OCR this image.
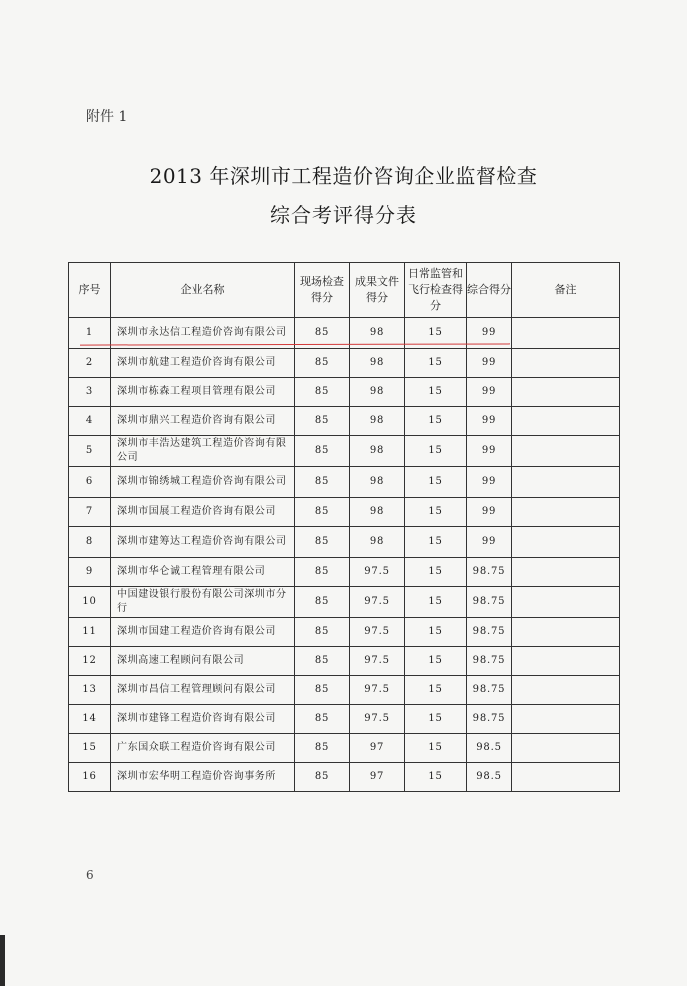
附件 1
2013 年深圳市工程造价咨询企业监督检查
综合考评得分表
序号	企业名称	现场检查得分	成果文件得分	日常监管和飞行检查得分	综合得分	备注
1	深圳市永达信工程造价咨询有限公司	85	98	15	99	
2	深圳市航建工程造价咨询有限公司	85	98	15	99	
3	深圳市栋森工程项目管理有限公司	85	98	15	99	
4	深圳市鼎兴工程造价咨询有限公司	85	98	15	99	
5	深圳市丰浩达建筑工程造价咨询有限公司	85	98	15	99	
6	深圳市锦绣城工程造价咨询有限公司	85	98	15	99	
7	深圳市国展工程造价咨询有限公司	85	98	15	99	
8	深圳市建筹达工程造价咨询有限公司	85	98	15	99	
9	深圳市华仑诚工程管理有限公司	85	97.5	15	98.75	
10	中国建设银行股份有限公司深圳市分行	85	97.5	15	98.75	
11	深圳市国建工程造价咨询有限公司	85	97.5	15	98.75	
12	深圳高速工程顾问有限公司	85	97.5	15	98.75	
13	深圳市昌信工程管理顾问有限公司	85	97.5	15	98.75	
14	深圳市建锋工程造价咨询有限公司	85	97.5	15	98.75	
15	广东国众联工程造价咨询有限公司	85	97	15	98.5	
16	深圳市宏华明工程造价咨询事务所	85	97	15	98.5	
6
